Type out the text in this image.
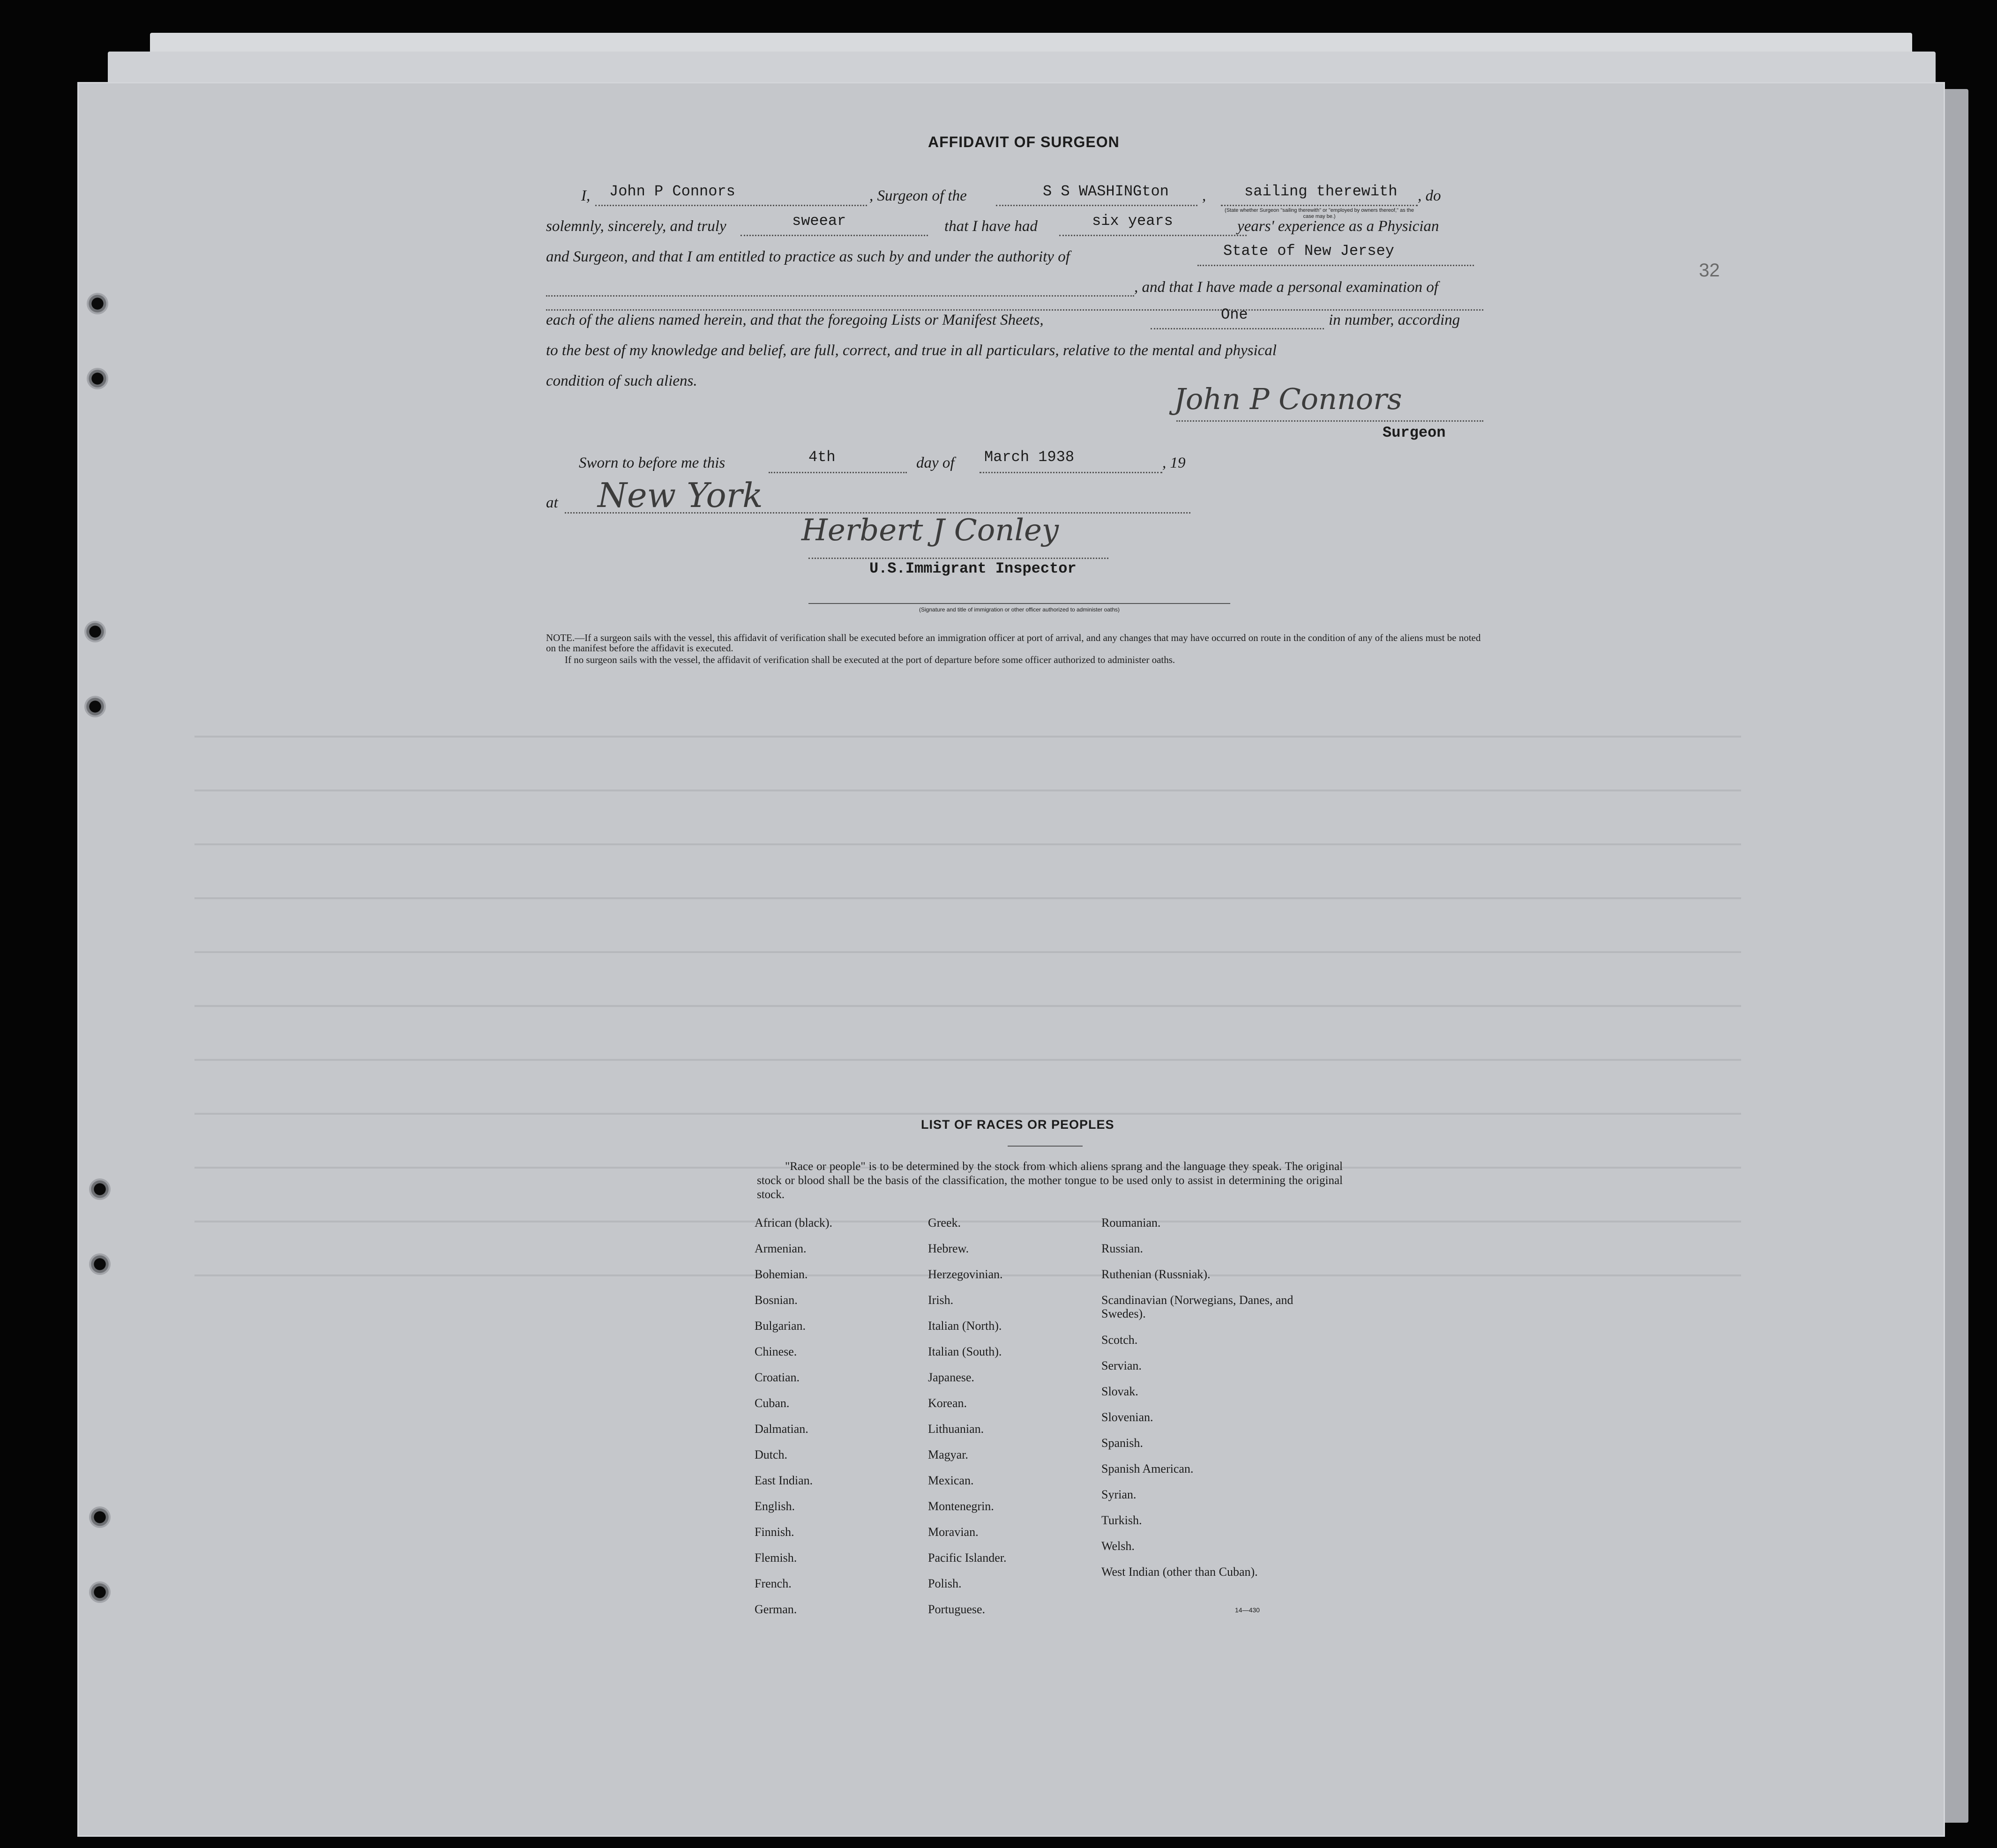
32
AFFIDAVIT OF SURGEON
I, John P Connors	, Surgeon of the	S S WASHINGton ,	sailing therewith , do
(State whether Surgeon "sailing therewith" or "employed by owners thereof," as the case may be.)
solemnly, sincerely, and truly	sweear	that I have had	six years	years' experience as a Physician
and Surgeon, and that I am entitled to practice as such by and under the authority of	State of New Jersey
, and that I have made a personal examination of
each of the aliens named herein, and that the foregoing Lists or Manifest Sheets,	One	in number, according
to the best of my knowledge and belief, are full, correct, and true in all particulars, relative to the mental and physical
condition of such aliens.
John P Connors
Surgeon
Sworn to before me this	4th	day of March 1938	, 19
at New York
Herbert J Conley
U.S.Immigrant Inspector
(Signature and title of immigration or other officer authorized to administer oaths)
NOTE.—If a surgeon sails with the vessel, this affidavit of verification shall be executed before an immigration officer at port of arrival, and any changes that may have occurred on route in the condition of any of the aliens must be noted on the manifest before the affidavit is executed.
If no surgeon sails with the vessel, the affidavit of verification shall be executed at the port of departure before some officer authorized to administer oaths.
LIST OF RACES OR PEOPLES
"Race or people" is to be determined by the stock from which aliens sprang and the language they speak. The original stock or blood shall be the basis of the classification, the mother tongue to be used only to assist in determining the original stock.
African (black).
Armenian.
Bohemian.
Bosnian.
Bulgarian.
Chinese.
Croatian.
Cuban.
Dalmatian.
Dutch.
East Indian.
English.
Finnish.
Flemish.
French.
German.
Greek.
Hebrew.
Herzegovinian.
Irish.
Italian (North).
Italian (South).
Japanese.
Korean.
Lithuanian.
Magyar.
Mexican.
Montenegrin.
Moravian.
Pacific Islander.
Polish.
Portuguese.
Roumanian.
Russian.
Ruthenian (Russniak).
Scandinavian (Norwegians, Danes, and Swedes).
Scotch.
Servian.
Slovak.
Slovenian.
Spanish.
Spanish American.
Syrian.
Turkish.
Welsh.
West Indian (other than Cuban).
14—430
